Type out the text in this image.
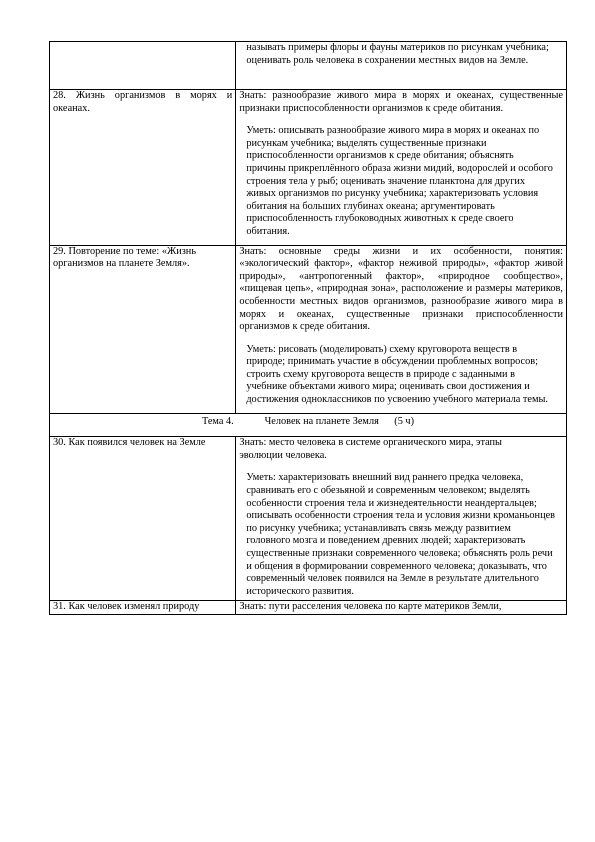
	называть примеры флоры и фауны материков по рисункам учебника; оценивать роль человека в сохранении местных видов на Земле.

28. Жизнь организмов в морях и океанах.	Знать: разнообразие живого мира в морях и океанах, существенные признаки приспособленности организмов к среде обитания.

Уметь: описывать разнообразие живого мира в морях и океанах по рисункам учебника; выделять существенные признаки приспособленности организмов к среде обитания; объяснять причины прикреплённого образа жизни мидий, водорослей и особого строения тела у рыб; оценивать значение планктона для других живых организмов по рисунку учебника; характеризовать условия обитания на больших глубинах океана; аргументировать приспособленность глубоководных животных к среде своего обитания.

29. Повторение по теме: «Жизнь организмов на планете Земля».	Знать: основные среды жизни и их особенности, понятия: «экологический фактор», «фактор неживой природы», «фактор живой природы», «антропогенный фактор», «природное сообщество», «пищевая цепь», «природная зона», расположение и размеры материков, особенности местных видов организмов, разнообразие живого мира в морях и океанах, существенные признаки приспособленности организмов к среде обитания.

Уметь: рисовать (моделировать) схему круговорота веществ в природе; принимать участие в обсуждении проблемных вопросов; строить схему круговорота веществ в природе с заданными в учебнике объектами живого мира; оценивать свои достижения и достижения одноклассников по усвоению учебного материала темы.

Тема 4. Человек на планете Земля (5 ч)	
30. Как появился человек на Земле	Знать: место человека в системе органического мира, этапы эволюции человека.

Уметь: характеризовать внешний вид раннего предка человека, сравнивать его с обезьяной и современным человеком; выделять особенности строения тела и жизнедеятельности неандертальцев; описывать особенности строения тела и условия жизни кроманьонцев по рисунку учебника; устанавливать связь между развитием головного мозга и поведением древних людей; характеризовать существенные признаки современного человека; объяснять роль речи и общения в формировании современного человека; доказывать, что современный человек появился на Земле в результате длительного исторического развития.

31. Как человек изменял природу	Знать: пути расселения человека по карте материков Земли,
